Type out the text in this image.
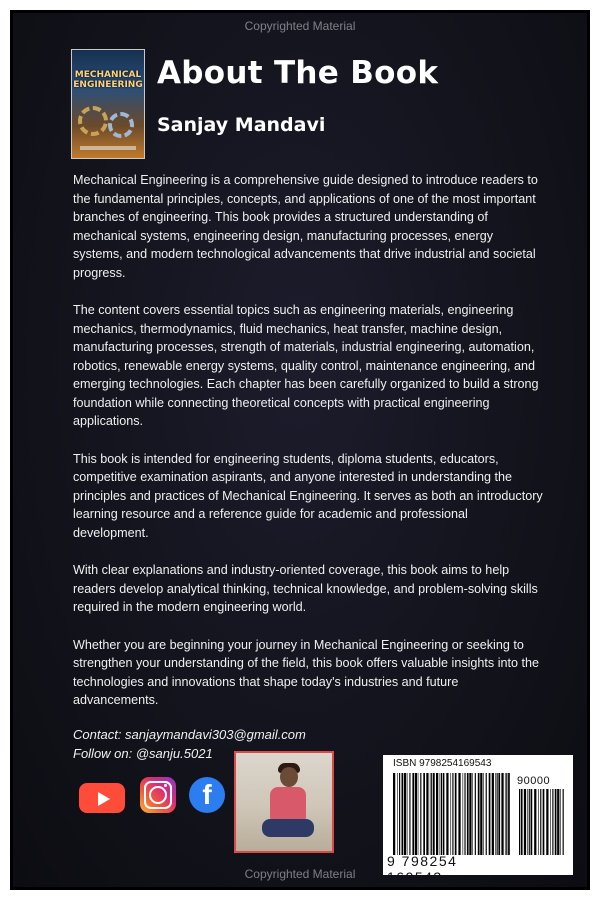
Copyrighted Material
MECHANICAL ENGINEERING About The Book
Sanjay Mandavi

Mechanical Engineering is a comprehensive guide designed to introduce readers to the fundamental principles, concepts, and applications of one of the most important branches of engineering. This book provides a structured understanding of mechanical systems, engineering design, manufacturing processes, energy systems, and modern technological advancements that drive industrial and societal progress.

The content covers essential topics such as engineering materials, engineering mechanics, thermodynamics, fluid mechanics, heat transfer, machine design, manufacturing processes, strength of materials, industrial engineering, automation, robotics, renewable energy systems, quality control, maintenance engineering, and emerging technologies. Each chapter has been carefully organized to build a strong foundation while connecting theoretical concepts with practical engineering applications.

This book is intended for engineering students, diploma students, educators, competitive examination aspirants, and anyone interested in understanding the principles and practices of Mechanical Engineering. It serves as both an introductory learning resource and a reference guide for academic and professional development.

With clear explanations and industry-oriented coverage, this book aims to help readers develop analytical thinking, technical knowledge, and problem-solving skills required in the modern engineering world.

Whether you are beginning your journey in Mechanical Engineering or seeking to strengthen your understanding of the field, this book offers valuable insights into the technologies and innovations that shape today's industries and future advancements.

Contact: sanjaymandavi303@gmail.com
Follow on: @sanju.5021
f
ISBN 9798254169543
90000
9 798254 169543
Copyrighted Material
